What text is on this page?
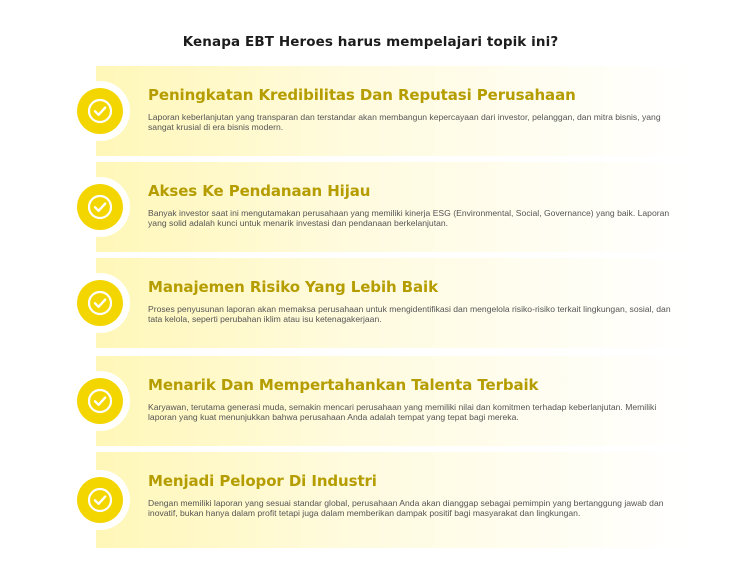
Kenapa EBT Heroes harus mempelajari topik ini?
Peningkatan Kredibilitas Dan Reputasi Perusahaan
Laporan keberlanjutan yang transparan dan terstandar akan membangun kepercayaan dari investor, pelanggan, dan mitra bisnis, yang sangat krusial di era bisnis modern.
Akses Ke Pendanaan Hijau
Banyak investor saat ini mengutamakan perusahaan yang memiliki kinerja ESG (Environmental, Social, Governance) yang baik. Laporan yang solid adalah kunci untuk menarik investasi dan pendanaan berkelanjutan.
Manajemen Risiko Yang Lebih Baik
Proses penyusunan laporan akan memaksa perusahaan untuk mengidentifikasi dan mengelola risiko-risiko terkait lingkungan, sosial, dan tata kelola, seperti perubahan iklim atau isu ketenagakerjaan.
Menarik Dan Mempertahankan Talenta Terbaik
Karyawan, terutama generasi muda, semakin mencari perusahaan yang memiliki nilai dan komitmen terhadap keberlanjutan. Memiliki laporan yang kuat menunjukkan bahwa perusahaan Anda adalah tempat yang tepat bagi mereka.
Menjadi Pelopor Di Industri
Dengan memiliki laporan yang sesuai standar global, perusahaan Anda akan dianggap sebagai pemimpin yang bertanggung jawab dan inovatif, bukan hanya dalam profit tetapi juga dalam memberikan dampak positif bagi masyarakat dan lingkungan.
